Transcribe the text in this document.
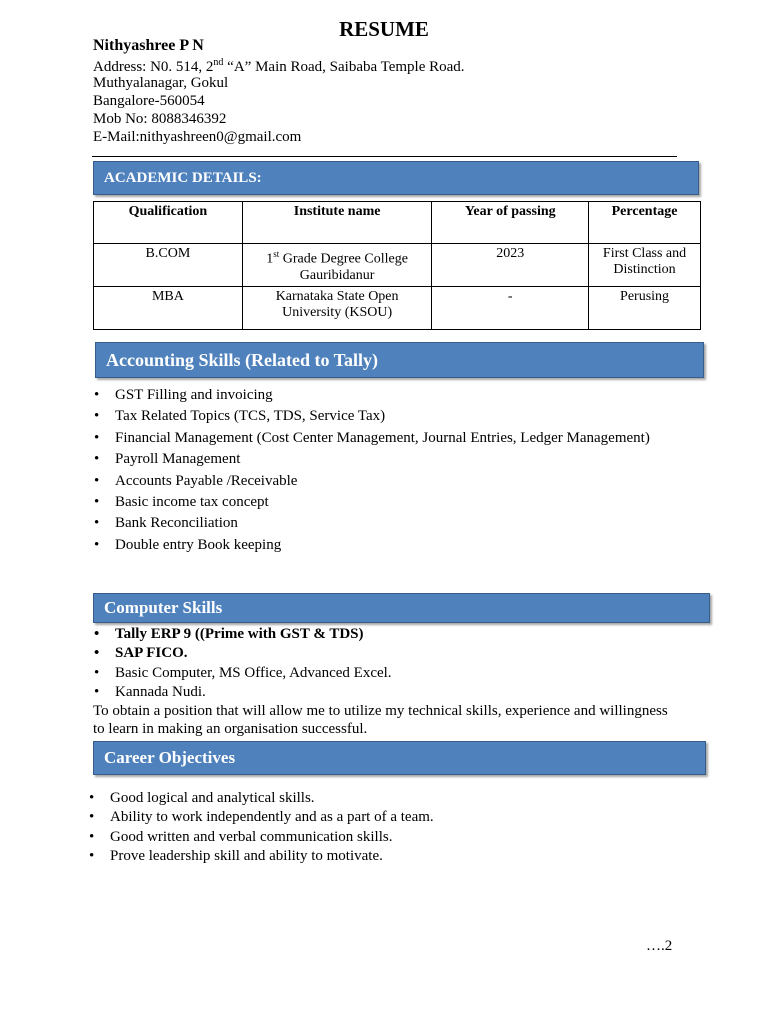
RESUME
Nithyashree P N
Address: N0. 514, 2nd “A” Main Road, Saibaba Temple Road.
Muthyalanagar, Gokul
Bangalore-560054
Mob No: 8088346392
E-Mail:nithyashreen0@gmail.com
ACADEMIC DETAILS:
Qualification	Institute name	Year of passing	Percentage
B.COM	1st Grade Degree College Gauribidanur	2023	First Class and Distinction
MBA	Karnataka State Open University (KSOU)	-	Perusing
Accounting Skills (Related to Tally)
• GST Filling and invoicing
• Tax Related Topics (TCS, TDS, Service Tax)
• Financial Management (Cost Center Management, Journal Entries, Ledger Management)
• Payroll Management
• Accounts Payable /Receivable
• Basic income tax concept
• Bank Reconciliation
• Double entry Book keeping
Computer Skills
• Tally ERP 9 ((Prime with GST & TDS)
• SAP FICO.
• Basic Computer, MS Office, Advanced Excel.
• Kannada Nudi.
To obtain a position that will allow me to utilize my technical skills, experience and willingness to learn in making an organisation successful.
Career Objectives
• Good logical and analytical skills.
• Ability to work independently and as a part of a team.
• Good written and verbal communication skills.
• Prove leadership skill and ability to motivate.
….2
